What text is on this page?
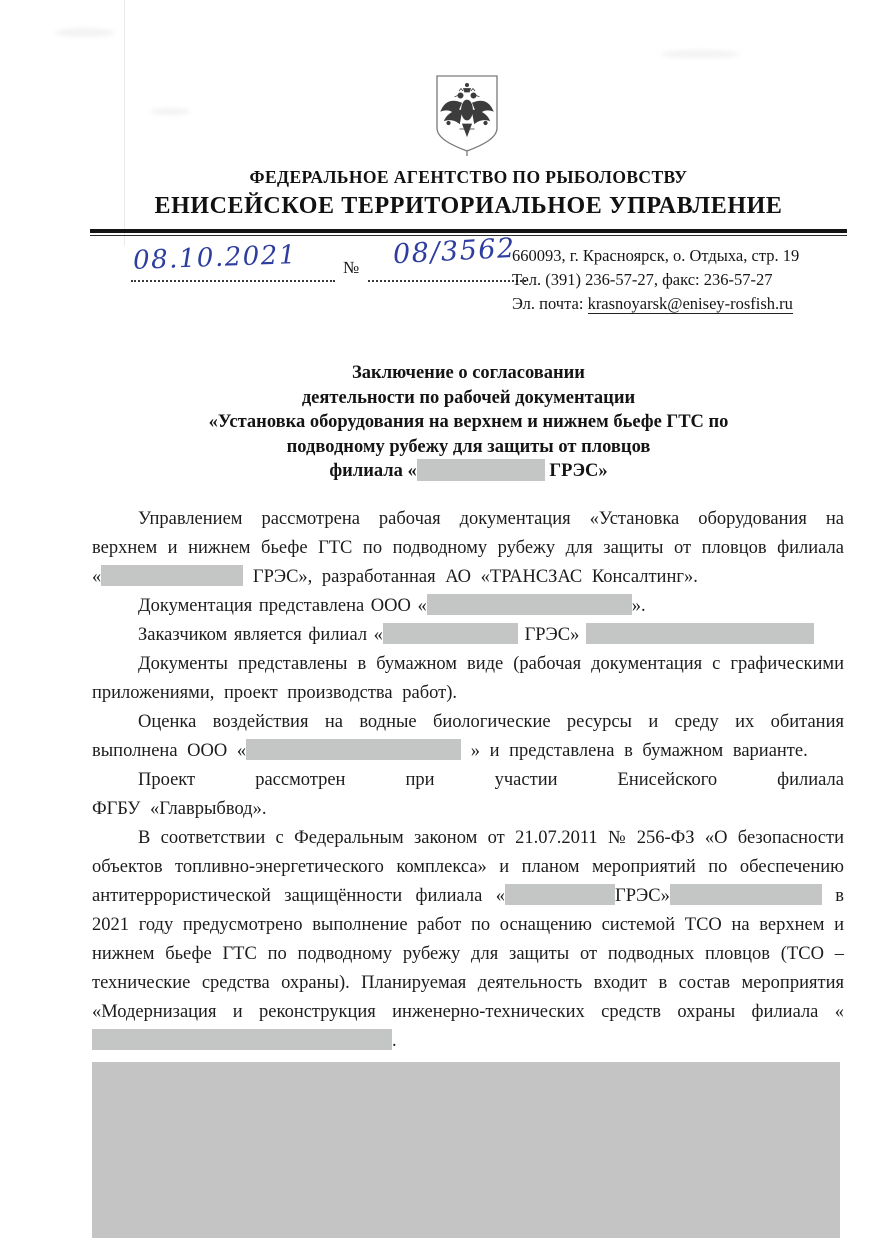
ФЕДЕРАЛЬНОЕ АГЕНТСТВО ПО РЫБОЛОВСТВУ
ЕНИСЕЙСКОЕ ТЕРРИТОРИАЛЬНОЕ УПРАВЛЕНИЕ
08.10.2021	№ 08/3562
660093, г. Красноярск, о. Отдыха, стр. 19
Тел. (391) 236-57-27, факс: 236-57-27
Эл. почта: krasnoyarsk@enisey-rosfish.ru
Заключение о согласовании
деятельности по рабочей документации
«Установка оборудования на верхнем и нижнем бьефе ГТС по
подводному рубежу для защиты от пловцов
филиала «	ГРЭС»

Управлением рассмотрена рабочая документация «Установка оборудования на верхнем и нижнем бьефе ГТС по подводному рубежу для защиты от пловцов филиала «	ГРЭС», разработанная АО «ТРАНСЗАС Консалтинг».

Документация представлена ООО «	».

Заказчиком является филиал «	ГРЭС»

Документы представлены в бумажном виде (рабочая документация с графическими приложениями, проект производства работ).

Оценка воздействия на водные биологические ресурсы и среду их обитания выполнена ООО «	» и представлена в бумажном варианте.

Проект рассмотрен при участии Енисейского филиала
ФГБУ «Главрыбвод».

В соответствии с Федеральным законом от 21.07.2011 № 256-ФЗ «О безопасности объектов топливно-энергетического комплекса» и планом мероприятий по обеспечению антитеррористической защищённости филиала «	ГРЭС»	в 2021 году предусмотрено выполнение работ по оснащению системой ТСО на верхнем и нижнем бьефе ГТС по подводному рубежу для защиты от подводных пловцов (ТСО – технические средства охраны). Планируемая деятельность входит в состав мероприятия «Модернизация и реконструкция инженерно-технических средств охраны филиала «.
